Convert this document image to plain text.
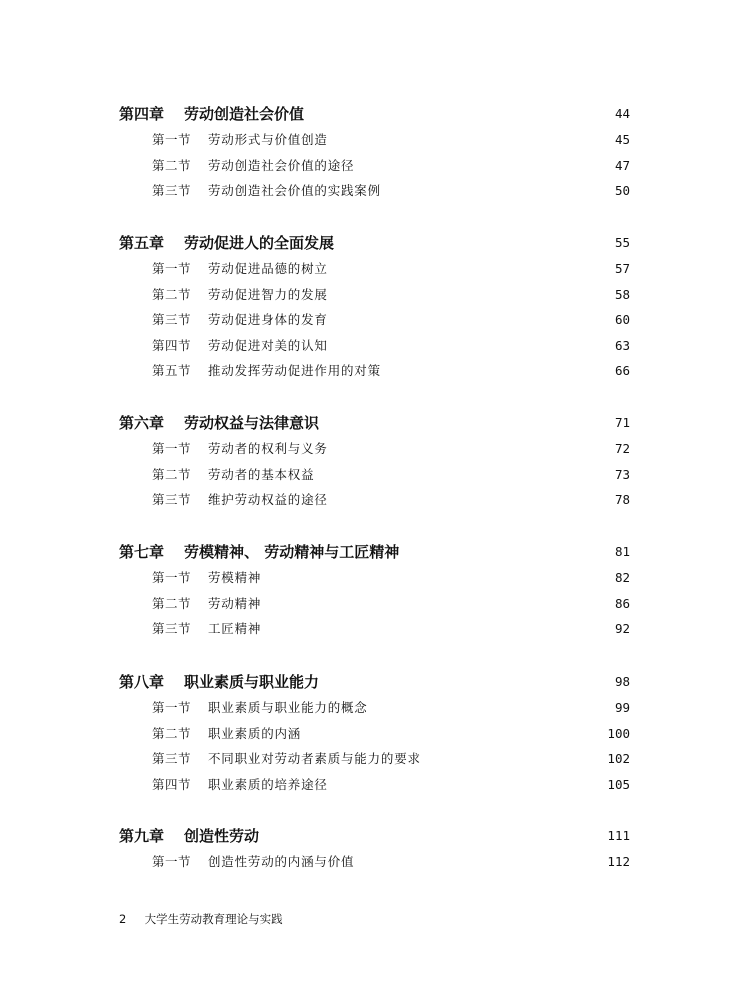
第四章 劳动创造社会价值	44
第一节 劳动形式与价值创造	45
第二节 劳动创造社会价值的途径	47
第三节 劳动创造社会价值的实践案例	50
第五章 劳动促进人的全面发展	55
第一节 劳动促进品德的树立	57
第二节 劳动促进智力的发展	58
第三节 劳动促进身体的发育	60
第四节 劳动促进对美的认知	63
第五节 推动发挥劳动促进作用的对策	66
第六章 劳动权益与法律意识	71
第一节 劳动者的权利与义务	72
第二节 劳动者的基本权益	73
第三节 维护劳动权益的途径	78
第七章 劳模精神、 劳动精神与工匠精神	81
第一节 劳模精神	82
第二节 劳动精神	86
第三节 工匠精神	92
第八章 职业素质与职业能力	98
第一节 职业素质与职业能力的概念	99
第二节 职业素质的内涵	100
第三节 不同职业对劳动者素质与能力的要求	102
第四节 职业素质的培养途径	105
第九章 创造性劳动	111
第一节 创造性劳动的内涵与价值	112
2 大学生劳动教育理论与实践
